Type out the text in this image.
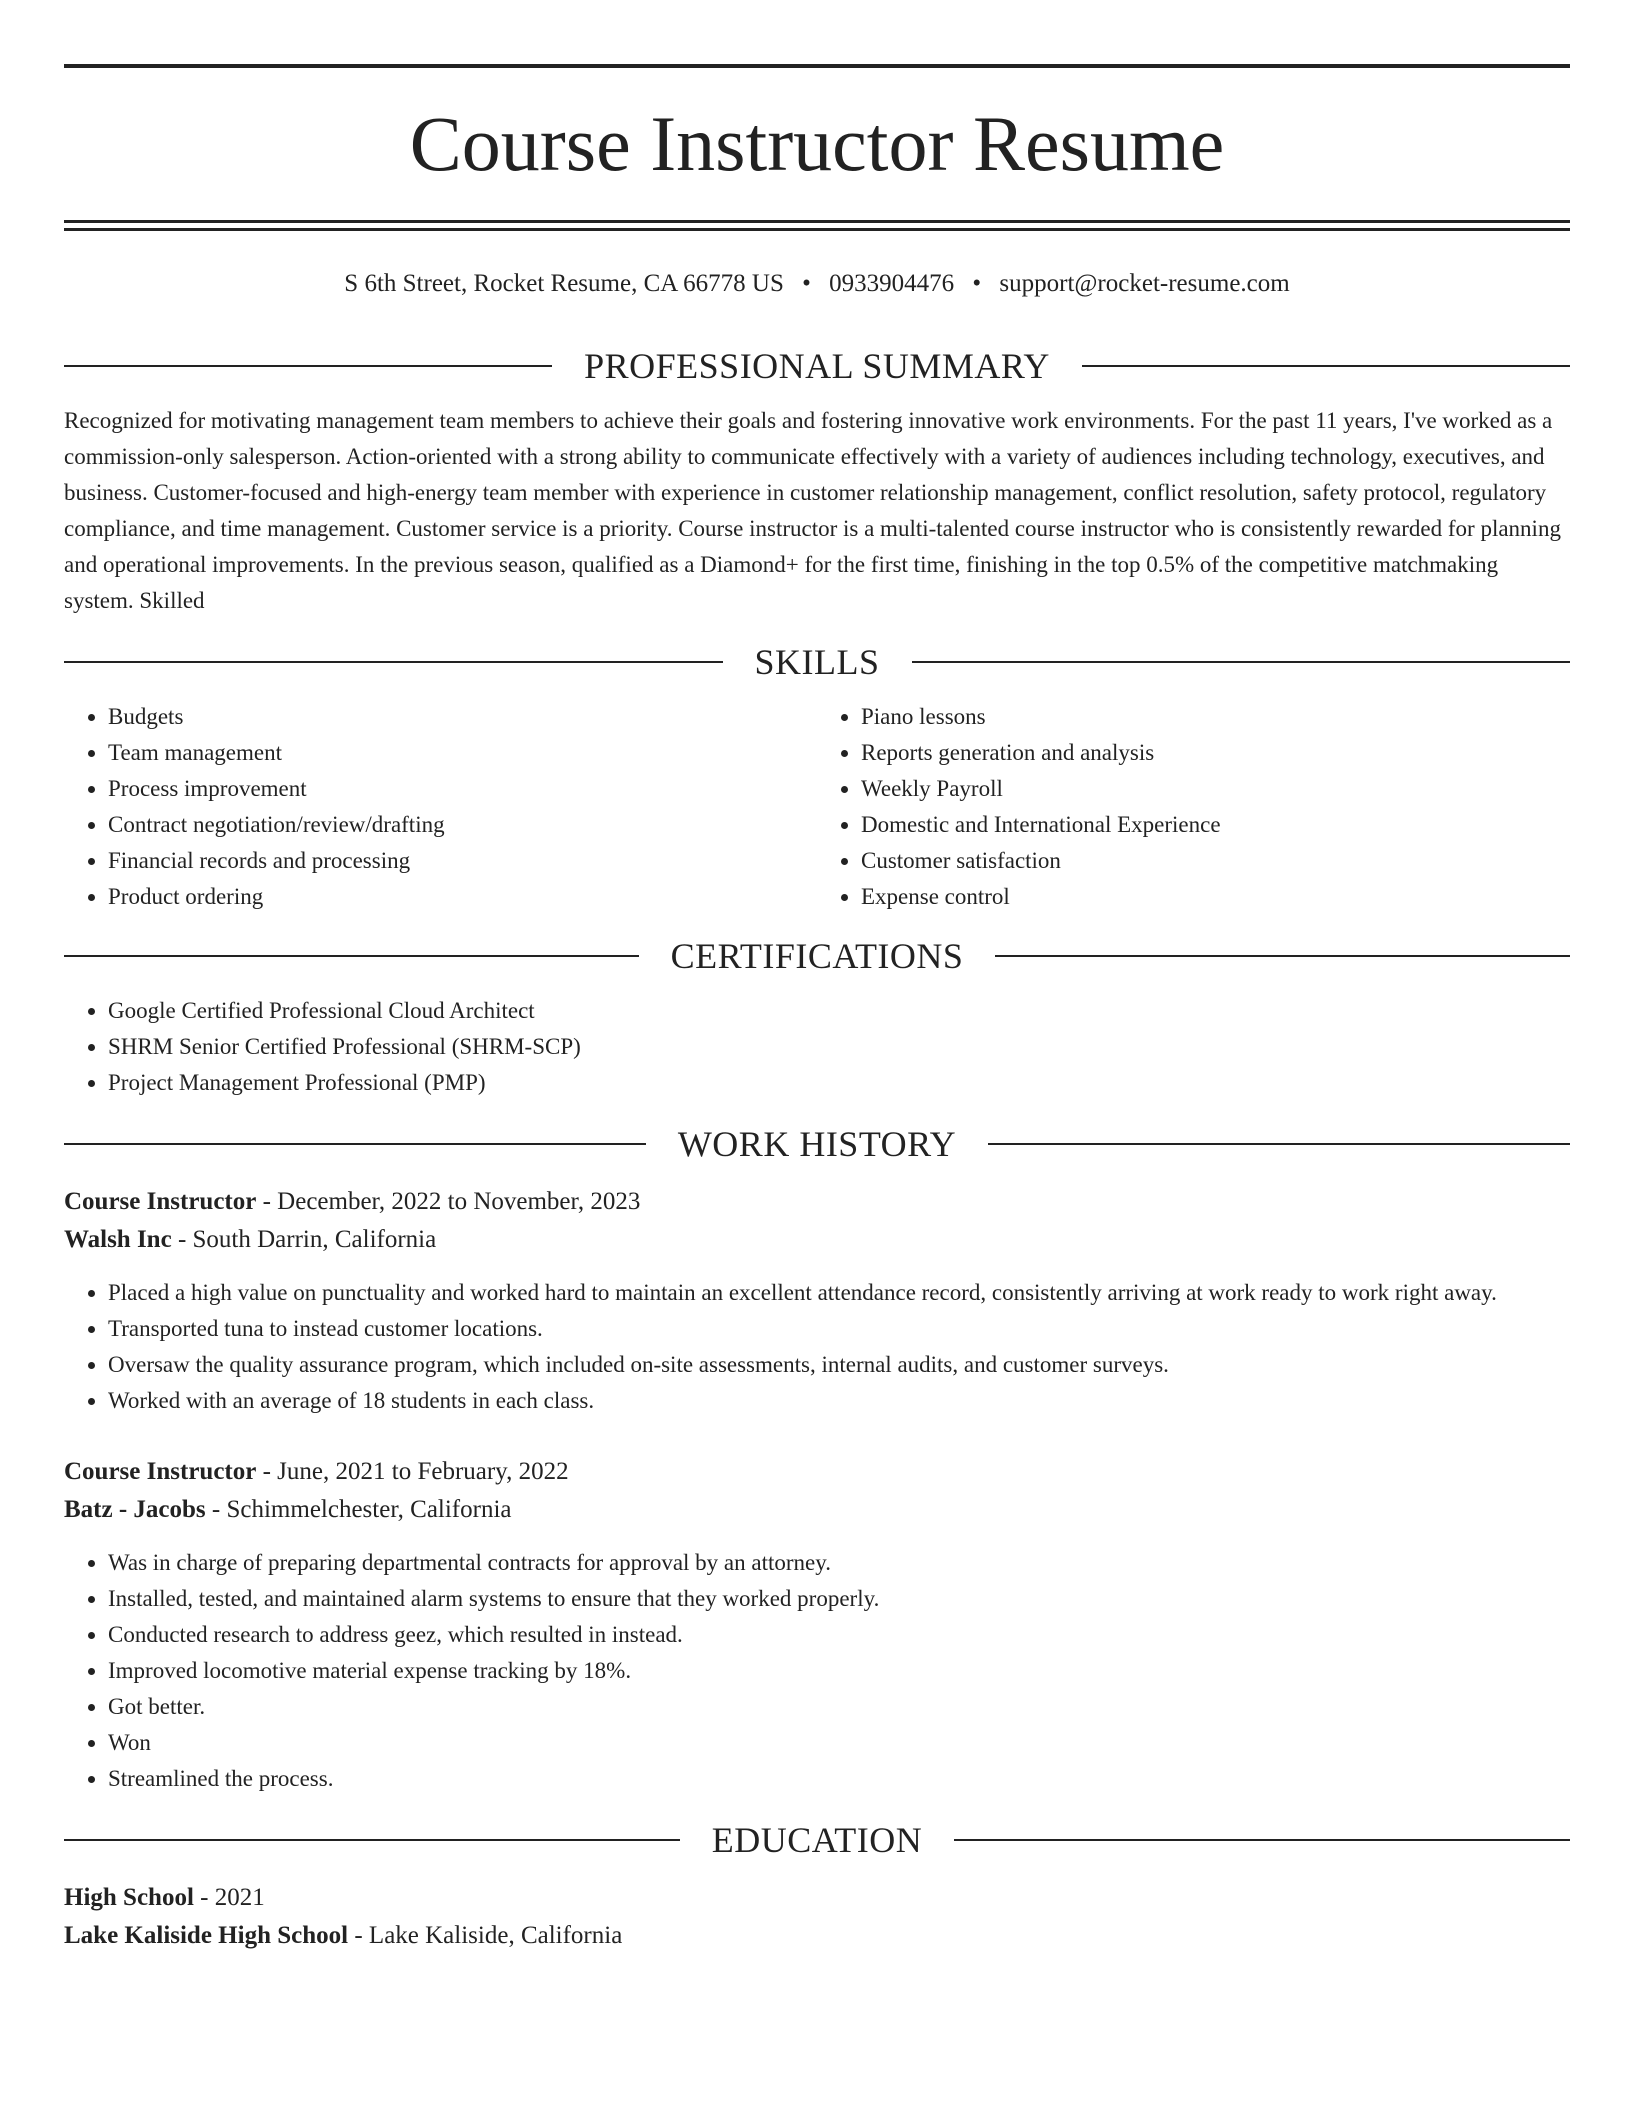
Course Instructor Resume
S 6th Street, Rocket Resume, CA 66778 US • 0933904476 • support@rocket-resume.com
PROFESSIONAL SUMMARY

Recognized for motivating management team members to achieve their goals and fostering innovative work environments. For the past 11 years, I've worked as a commission-only salesperson. Action-oriented with a strong ability to communicate effectively with a variety of audiences including technology, executives, and business. Customer-focused and high-energy team member with experience in customer relationship management, conflict resolution, safety protocol, regulatory compliance, and time management. Customer service is a priority. Course instructor is a multi-talented course instructor who is consistently rewarded for planning and operational improvements. In the previous season, qualified as a Diamond+ for the first time, finishing in the top 0.5% of the competitive matchmaking system. Skilled

SKILLS
• Budgets
• Team management
• Process improvement
• Contract negotiation/review/drafting
• Financial records and processing
• Product ordering
• Piano lessons
• Reports generation and analysis
• Weekly Payroll
• Domestic and International Experience
• Customer satisfaction
• Expense control
CERTIFICATIONS
• Google Certified Professional Cloud Architect
• SHRM Senior Certified Professional (SHRM-SCP)
• Project Management Professional (PMP)
WORK HISTORY
Course Instructor - December, 2022 to November, 2023
Walsh Inc - South Darrin, California
• Placed a high value on punctuality and worked hard to maintain an excellent attendance record, consistently arriving at work ready to work right away.
• Transported tuna to instead customer locations.
• Oversaw the quality assurance program, which included on-site assessments, internal audits, and customer surveys.
• Worked with an average of 18 students in each class.
Course Instructor - June, 2021 to February, 2022
Batz - Jacobs - Schimmelchester, California
• Was in charge of preparing departmental contracts for approval by an attorney.
• Installed, tested, and maintained alarm systems to ensure that they worked properly.
• Conducted research to address geez, which resulted in instead.
• Improved locomotive material expense tracking by 18%.
• Got better.
• Won
• Streamlined the process.
EDUCATION
High School - 2021
Lake Kaliside High School - Lake Kaliside, California
